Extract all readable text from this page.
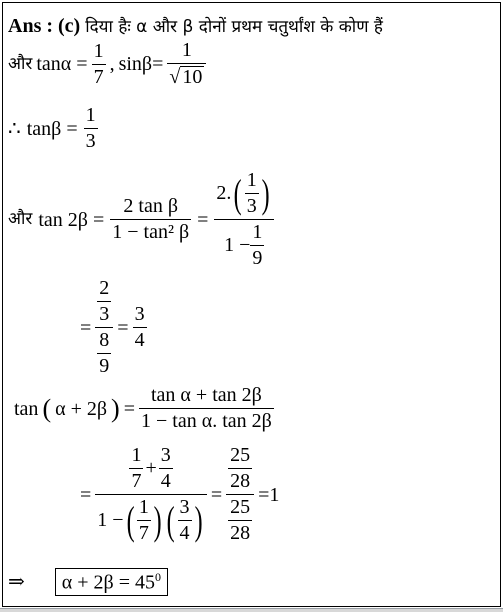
Ans : (c) दिया हैः α और β दोनों प्रथम चतुर्थांश के कोण हैं
और $\tan\alpha = \frac{1}{7}$ , $\sin\beta= \frac{1}{√ 10}$
∴ $\tan\beta = \frac{1}{3}$
और $\tan 2\beta = \frac{\text{2 tan β}}{\text{1 − tan² β}} = \frac{2. ( \frac{1}{3} )}{1 - \frac{1}{9}}$
= $\frac{\frac{2}{3}}{\frac{8}{9}} = \frac{3}{4}$
tan ( α + 2β ) = $\frac{\text{tan α + tan 2β}}{\text{1 − tan α. tan 2β}}$
= $\frac{\frac{1}{7} + \frac{3}{4}}{1 - ( \frac{1}{7} ) ( \frac{3}{4} )} = \frac{\frac{25}{28}}{\frac{25}{28}} =1$
⇒	$\alpha + 2\beta = 45^0$
